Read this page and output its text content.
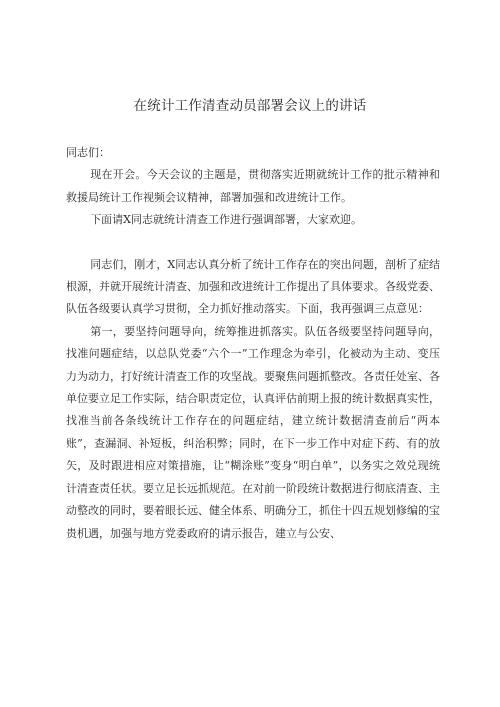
在统计工作清查动员部署会议上的讲话

同志们：

现在开会。今天会议的主题是，贯彻落实近期就统计工作的批示精神和救援局统计工作视频会议精神，部署加强和改进统计工作。

下面请X同志就统计清查工作进行强调部署，大家欢迎。

同志们，刚才，X同志认真分析了统计工作存在的突出问题，剖析了症结根源，并就开展统计清查、加强和改进统计工作提出了具体要求。各级党委、队伍各级要认真学习贯彻，全力抓好推动落实。下面，我再强调三点意见：

第一，要坚持问题导向，统筹推进抓落实。队伍各级要坚持问题导向，找准问题症结，以总队党委“六个一”工作理念为牵引，化被动为主动、变压力为动力，打好统计清查工作的攻坚战。要聚焦问题抓整改。各责任处室、各单位要立足工作实际，结合职责定位，认真评估前期上报的统计数据真实性，找准当前各条线统计工作存在的问题症结，建立统计数据清查前后“两本账”，查漏洞、补短板，纠治积弊；同时，在下一步工作中对症下药、有的放矢，及时跟进相应对策措施，让“糊涂账”变身“明白单”，以务实之效兑现统计清查责任状。要立足长远抓规范。在对前一阶段统计数据进行彻底清查、主动整改的同时，要着眼长远、健全体系、明确分工，抓住十四五规划修编的宝贵机遇，加强与地方党委政府的请示报告，建立与公安、
